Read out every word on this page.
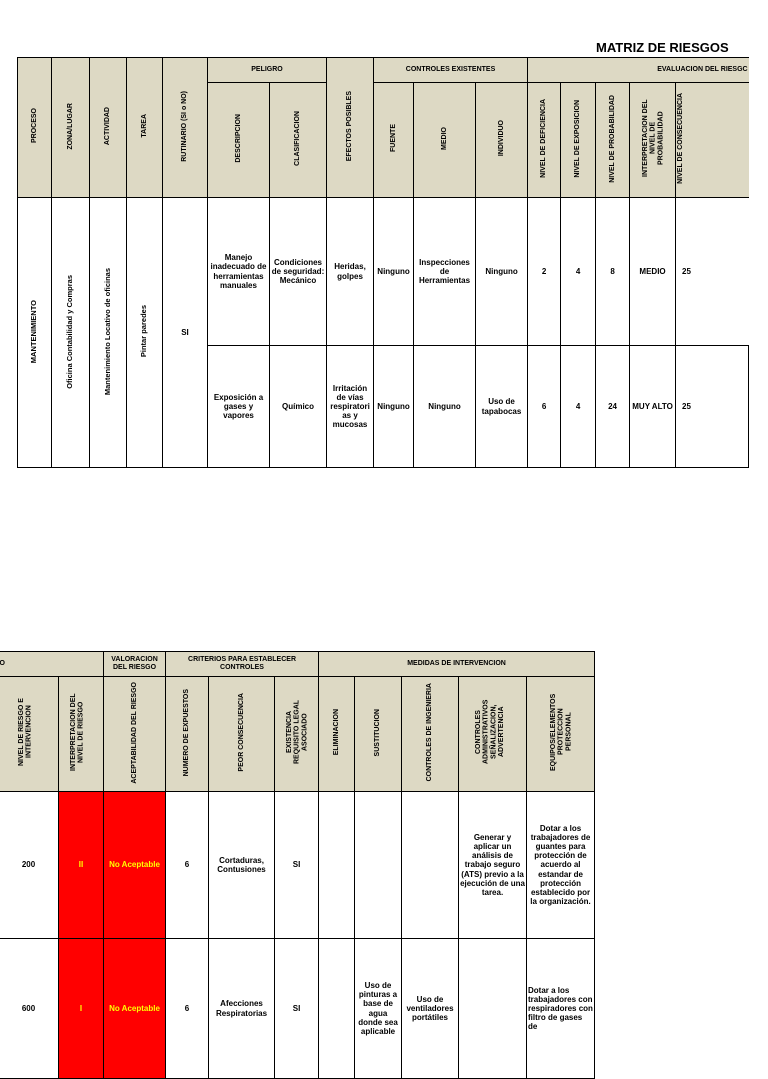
MATRIZ DE RIESGOS
PROCESO	ZONA/LUGAR	ACTIVIDAD	TAREA	RUTINARIO (SI o NO)	PELIGRO		EFECTOS POSIBLES	CONTROLES EXISTENTES			EVALUACION DEL RIESGC				
					DESCRIPCION	CLASIFICACION		FUENTE	MEDIO	INDIVIDUO	NIVEL DE DEFICIENCIA	NIVEL DE EXPOSICION	NIVEL DE PROBABILIDAD	INTERPRETACION DEL NIVEL DE PROBABILIDAD	NIVEL DE CONSECUENCIA
MANTENIMIENTO	Oficina Contabilidad y Compras	Mantenimiento Locativo de oficinas	Pintar paredes	SI	Manejo inadecuado de herramientas manuales	Condiciones de seguridad: Mecánico	Heridas, golpes	Ninguno	Inspecciones de Herramientas	Ninguno	2	4	8	MEDIO	25
					Exposición a gases y vapores	Químico	Irritación de vías respiratori as y mucosas	Ninguno	Ninguno	Uso de tapabocas	6	4	24	MUY ALTO	25
O		VALORACION DEL RIESGO	CRITERIOS PARA ESTABLECER CONTROLES			MEDIDAS DE INTERVENCION				
NIVEL DE RIESGO E INTERVENCION	INTERPRETACION DEL NIVEL DE RIESGO	ACEPTABILIDAD DEL RIESGO	NUMERO DE EXPUESTOS	PEOR CONSECUENCIA	EXISTENCIA REQUISITO LEGAL ASOCIADO	ELIMINACION	SUSTITUCION	CONTROLES DE INGENIERIA	CONTROLES ADMINISTRATIVOS SEÑALIZACION, ADVERTENCIA	EQUIPOS/ELEMENTOS PROTECCION PERSONAL
200	II	No Aceptable	6	Cortaduras, Contusiones	SI				Generar y aplicar un análisis de trabajo seguro (ATS) previo a la ejecución de una tarea.	Dotar a los trabajadores de guantes para protección de acuerdo al estandar de protección establecido por la organización.
600	I	No Aceptable	6	Afecciones Respiratorias	SI		Uso de pinturas a base de agua donde sea aplicable	Uso de ventiladores portátiles		Dotar a los trabajadores con respiradores con filtro de gases de
